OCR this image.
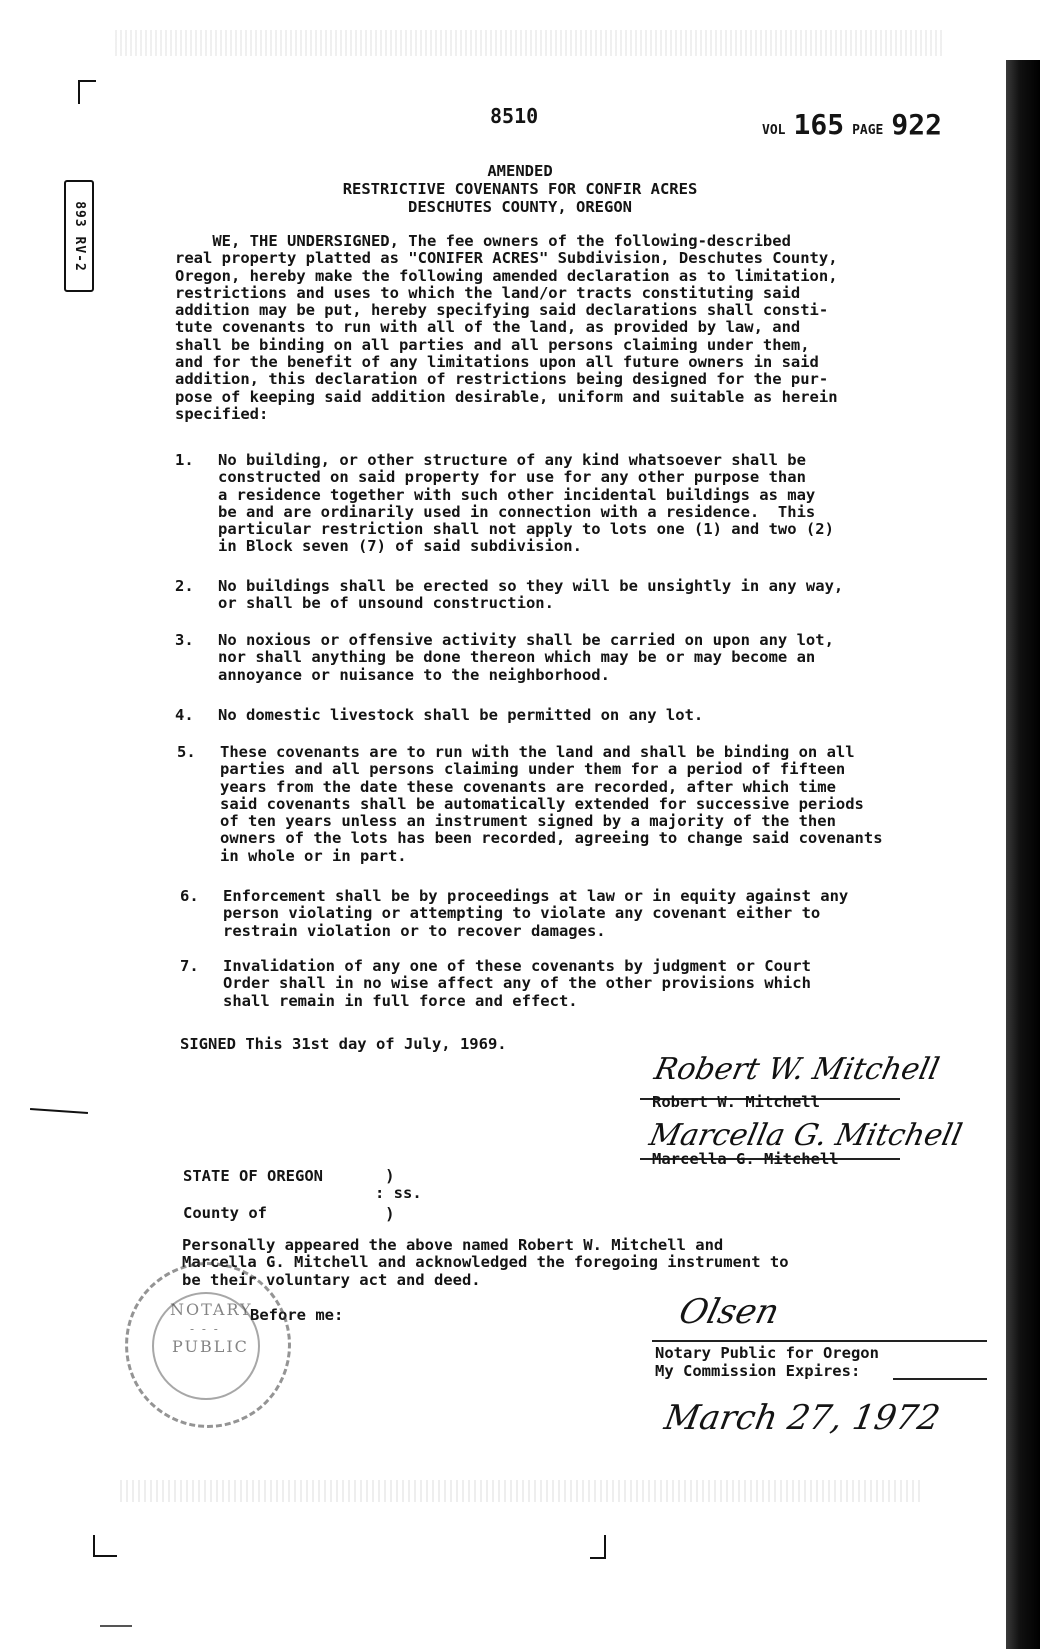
893 RV-2
8510
VOL 165 PAGE 922
AMENDED
RESTRICTIVE COVENANTS FOR CONFIR ACRES
DESCHUTES COUNTY, OREGON
WE, THE UNDERSIGNED, The fee owners of the following-described
real property platted as "CONIFER ACRES" Subdivision, Deschutes County,
Oregon, hereby make the following amended declaration as to limitation,
restrictions and uses to which the land/or tracts constituting said
addition may be put, hereby specifying said declarations shall consti-
tute covenants to run with all of the land, as provided by law, and
shall be binding on all parties and all persons claiming under them,
and for the benefit of any limitations upon all future owners in said
addition, this declaration of restrictions being designed for the pur-
pose of keeping said addition desirable, uniform and suitable as herein
specified:
1.	No building, or other structure of any kind whatsoever shall be
constructed on said property for use for any other purpose than
a residence together with such other incidental buildings as may
be and are ordinarily used in connection with a residence.  This
particular restriction shall not apply to lots one (1) and two (2)
in Block seven (7) of said subdivision.
2.	No buildings shall be erected so they will be unsightly in any way,
or shall be of unsound construction.
3.	No noxious or offensive activity shall be carried on upon any lot,
nor shall anything be done thereon which may be or may become an
annoyance or nuisance to the neighborhood.
4.	No domestic livestock shall be permitted on any lot.
5.	These covenants are to run with the land and shall be binding on all
parties and all persons claiming under them for a period of fifteen
years from the date these covenants are recorded, after which time
said covenants shall be automatically extended for successive periods
of ten years unless an instrument signed by a majority of the then
owners of the lots has been recorded, agreeing to change said covenants
in whole or in part.
6.	Enforcement shall be by proceedings at law or in equity against any
person violating or attempting to violate any covenant either to
restrain violation or to recover damages.
7.	Invalidation of any one of these covenants by judgment or Court
Order shall in no wise affect any of the other provisions which
shall remain in full force and effect.
SIGNED This 31st day of July, 1969.
Robert W. Mitchell
Robert W. Mitchell
Marcella G. Mitchell
Marcella G. Mitchell
STATE OF OREGON	)
: ss.
County of	)
Personally appeared the above named Robert W. Mitchell and
Marcella G. Mitchell and acknowledged the foregoing instrument to
be their voluntary act and deed.
Before me:
NOTARY
- - -
PUBLIC
Olsen
Notary Public for Oregon
My Commission Expires:
March 27, 1972
